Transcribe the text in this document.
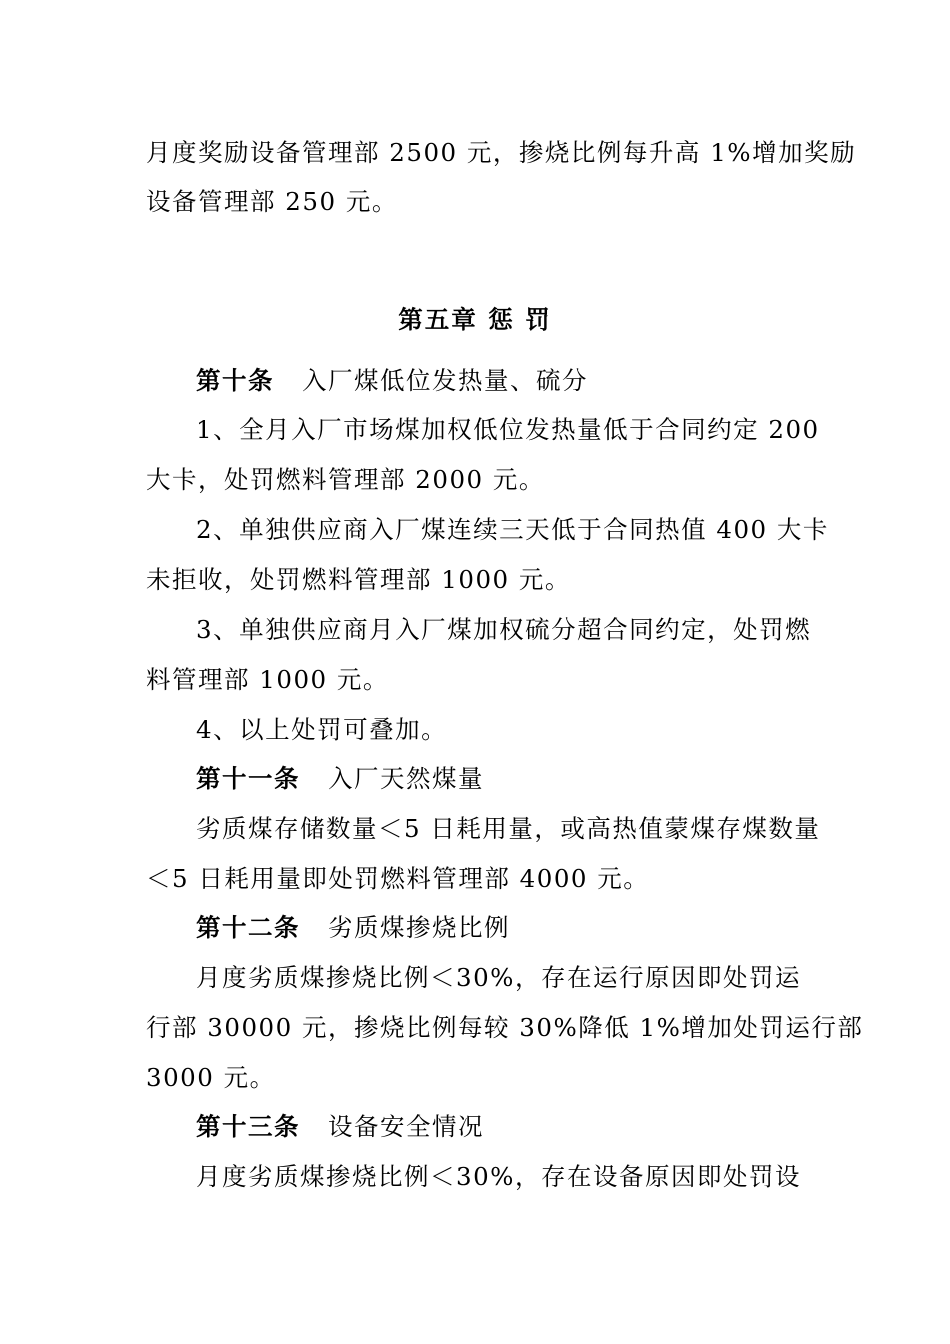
月度奖励设备管理部 2500 元，掺烧比例每升高 1%增加奖励
设备管理部 250 元。
第五章 惩 罚
第十条 入厂煤低位发热量、硫分
1、全月入厂市场煤加权低位发热量低于合同约定 200
大卡，处罚燃料管理部 2000 元。
2、单独供应商入厂煤连续三天低于合同热值 400 大卡
未拒收，处罚燃料管理部 1000 元。
3、单独供应商月入厂煤加权硫分超合同约定，处罚燃
料管理部 1000 元。
4、以上处罚可叠加。
第十一条 入厂天然煤量
劣质煤存储数量＜5 日耗用量，或高热值蒙煤存煤数量
＜5 日耗用量即处罚燃料管理部 4000 元。
第十二条 劣质煤掺烧比例
月度劣质煤掺烧比例＜30%，存在运行原因即处罚运
行部 30000 元，掺烧比例每较 30%降低 1%增加处罚运行部
3000 元。
第十三条 设备安全情况
月度劣质煤掺烧比例＜30%，存在设备原因即处罚设
